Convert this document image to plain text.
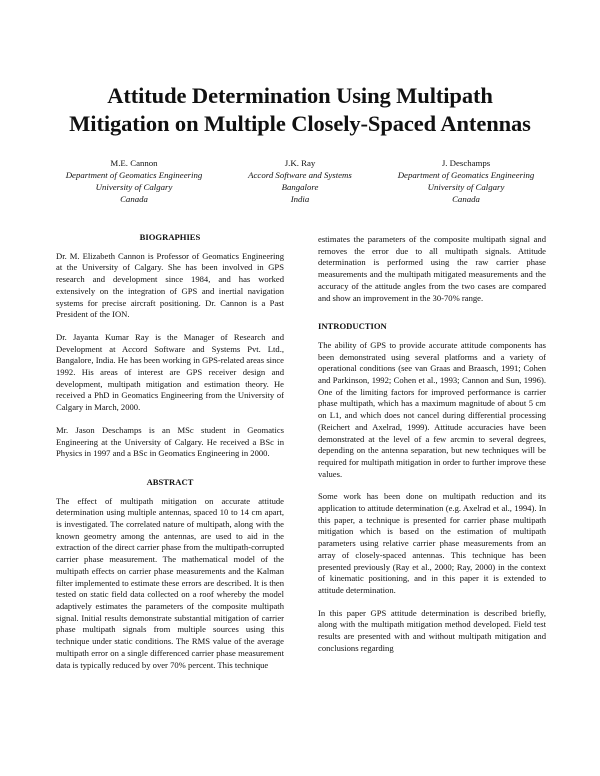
Attitude Determination Using Multipath
Mitigation on Multiple Closely-Spaced Antennas
M.E. Cannon
Department of Geomatics Engineering
University of Calgary
Canada
J.K. Ray
Accord Software and Systems
Bangalore
India
J. Deschamps
Department of Geomatics Engineering
University of Calgary
Canada
BIOGRAPHIES

Dr. M. Elizabeth Cannon is Professor of Geomatics Engineering at the University of Calgary. She has been involved in GPS research and development since 1984, and has worked extensively on the integration of GPS and inertial navigation systems for precise aircraft positioning. Dr. Cannon is a Past President of the ION.

Dr. Jayanta Kumar Ray is the Manager of Research and Development at Accord Software and Systems Pvt. Ltd., Bangalore, India. He has been working in GPS-related areas since 1992. His areas of interest are GPS receiver design and development, multipath mitigation and estimation theory. He received a PhD in Geomatics Engineering from the University of Calgary in March, 2000.

Mr. Jason Deschamps is an MSc student in Geomatics Engineering at the University of Calgary. He received a BSc in Physics in 1997 and a BSc in Geomatics Engineering in 2000.

ABSTRACT

The effect of multipath mitigation on accurate attitude determination using multiple antennas, spaced 10 to 14 cm apart, is investigated. The correlated nature of multipath, along with the known geometry among the antennas, are used to aid in the extraction of the direct carrier phase from the multipath-corrupted carrier phase measurement. The mathematical model of the multipath effects on carrier phase measurements and the Kalman filter implemented to estimate these errors are described. It is then tested on static field data collected on a roof whereby the model adaptively estimates the parameters of the composite multipath signal. Initial results demonstrate substantial mitigation of carrier phase multipath signals from multiple sources using this technique under static conditions. The RMS value of the average multipath error on a single differenced carrier phase measurement data is typically reduced by over 70% percent. This technique

estimates the parameters of the composite multipath signal and removes the error due to all multipath signals. Attitude determination is performed using the raw carrier phase measurements and the multipath mitigated measurements and the accuracy of the attitude angles from the two cases are compared and show an improvement in the 30-70% range.

INTRODUCTION

The ability of GPS to provide accurate attitude components has been demonstrated using several platforms and a variety of operational conditions (see van Graas and Braasch, 1991; Cohen and Parkinson, 1992; Cohen et al., 1993; Cannon and Sun, 1996). One of the limiting factors for improved performance is carrier phase multipath, which has a maximum magnitude of about 5 cm on L1, and which does not cancel during differential processing (Reichert and Axelrad, 1999). Attitude accuracies have been demonstrated at the level of a few arcmin to several degrees, depending on the antenna separation, but new techniques will be required for multipath mitigation in order to further improve these values.

Some work has been done on multipath reduction and its application to attitude determination (e.g. Axelrad et al., 1994). In this paper, a technique is presented for carrier phase multipath mitigation which is based on the estimation of multipath parameters using relative carrier phase measurements from an array of closely-spaced antennas. This technique has been presented previously (Ray et al., 2000; Ray, 2000) in the context of kinematic positioning, and in this paper it is extended to attitude determination.

In this paper GPS attitude determination is described briefly, along with the multipath mitigation method developed. Field test results are presented with and without multipath mitigation and conclusions regarding
